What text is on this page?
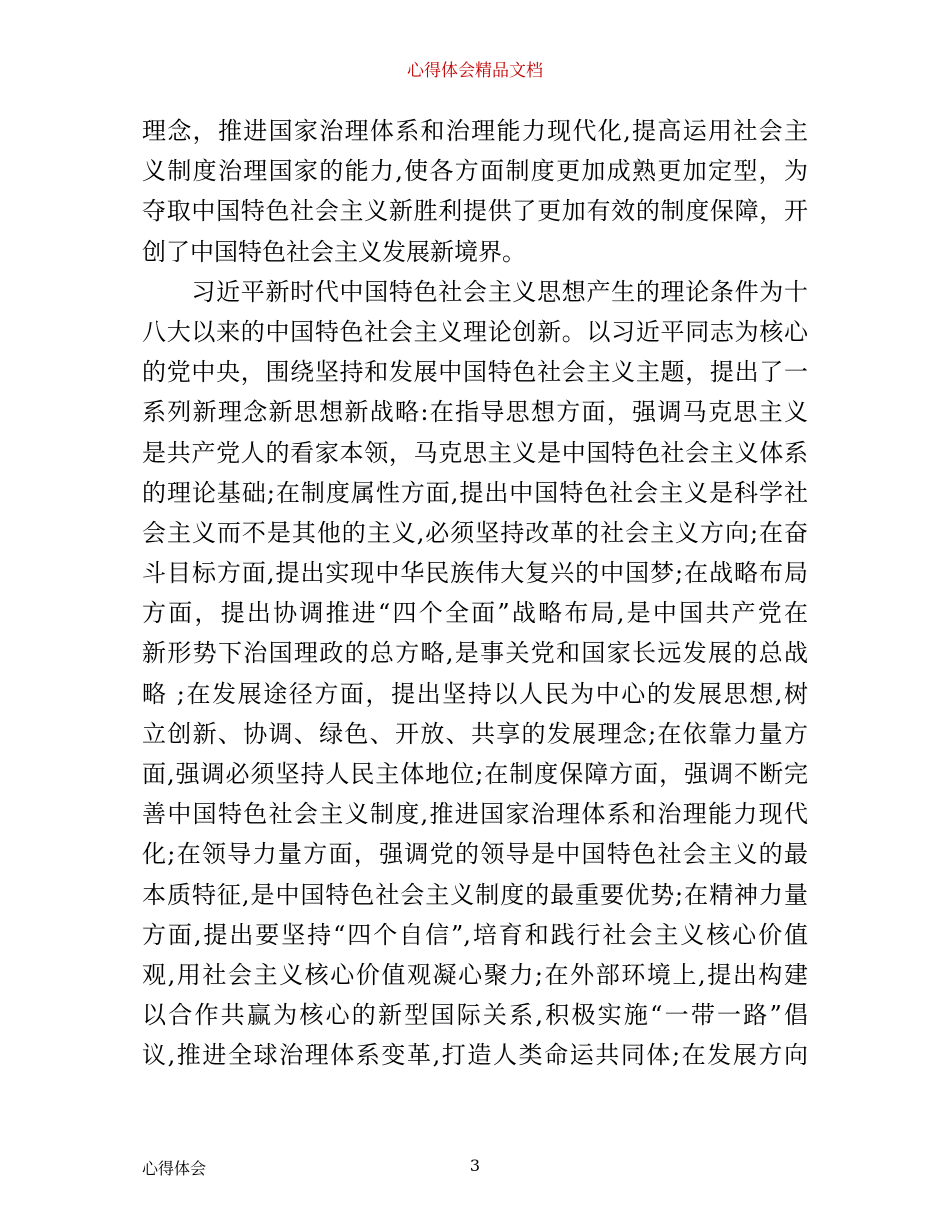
心得体会精品文档
理念，推进国家治理体系和治理能力现代化,提高运用社会主
义制度治理国家的能力,使各方面制度更加成熟更加定型，为
夺取中国特色社会主义新胜利提供了更加有效的制度保障，开
创了中国特色社会主义发展新境界。
　　习近平新时代中国特色社会主义思想产生的理论条件为十
八大以来的中国特色社会主义理论创新。以习近平同志为核心
的党中央，围绕坚持和发展中国特色社会主义主题，提出了一
系列新理念新思想新战略:在指导思想方面，强调马克思主义
是共产党人的看家本领，马克思主义是中国特色社会主义体系
的理论基础;在制度属性方面,提出中国特色社会主义是科学社
会主义而不是其他的主义,必须坚持改革的社会主义方向;在奋
斗目标方面,提出实现中华民族伟大复兴的中国梦;在战略布局
方面，提出协调推进“四个全面”战略布局,是中国共产党在
新形势下治国理政的总方略,是事关党和国家长远发展的总战
略 ;在发展途径方面，提出坚持以人民为中心的发展思想,树
立创新、协调、绿色、开放、共享的发展理念;在依靠力量方
面,强调必须坚持人民主体地位;在制度保障方面，强调不断完
善中国特色社会主义制度,推进国家治理体系和治理能力现代
化;在领导力量方面，强调党的领导是中国特色社会主义的最
本质特征,是中国特色社会主义制度的最重要优势;在精神力量
方面,提出要坚持“四个自信”,培育和践行社会主义核心价值
观,用社会主义核心价值观凝心聚力;在外部环境上,提出构建
以合作共赢为核心的新型国际关系,积极实施“一带一路”倡
议,推进全球治理体系变革,打造人类命运共同体;在发展方向
心得体会	3
